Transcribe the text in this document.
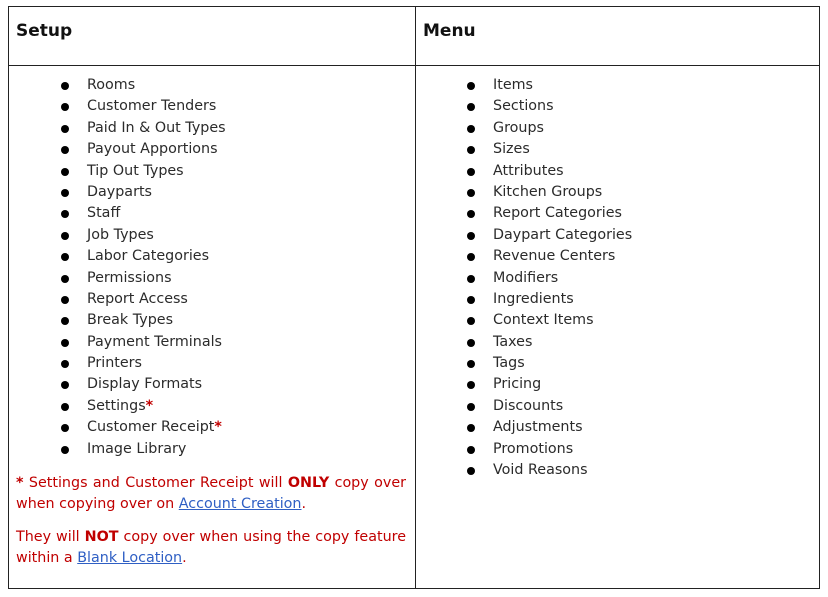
Setup	Menu
Rooms
Customer Tenders
Paid In & Out Types
Payout Apportions
Tip Out Types
Dayparts
Staff
Job Types
Labor Categories
Permissions
Report Access
Break Types
Payment Terminals
Printers
Display Formats
Settings*
Customer Receipt*
Image Library
Items
Sections
Groups
Sizes
Attributes
Kitchen Groups
Report Categories
Daypart Categories
Revenue Centers
Modifiers
Ingredients
Context Items
Taxes
Tags
Pricing
Discounts
Adjustments
Promotions
Void Reasons
* Settings and Customer Receipt will ONLY copy over when copying over on Account Creation.
They will NOT copy over when using the copy feature within a Blank Location.
